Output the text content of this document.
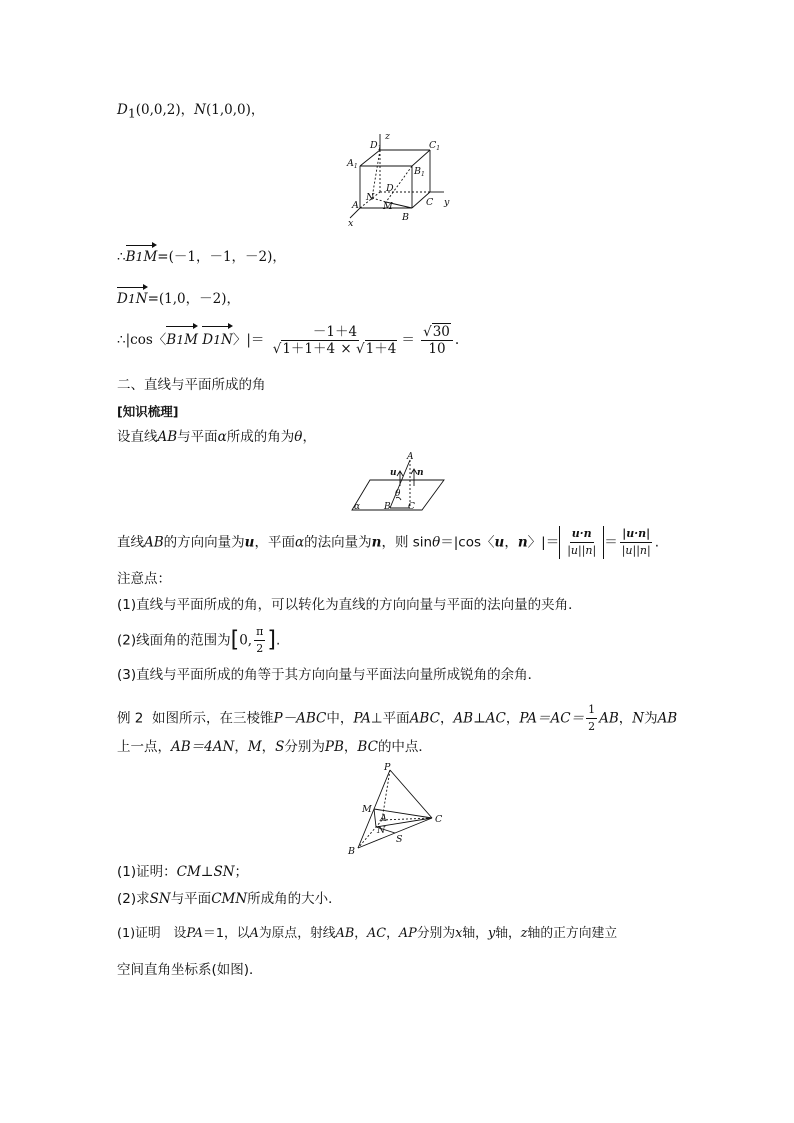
$D_1(0,0,2)$，N(1,0,0)，
$D_1$
z
$C_1$
$A_1$	$B_1$
D
N
A	M
B
C y
x
∴B1M=(－1，－1，－2)，
D1N=(1,0，－2)，
∴|cos〈B1M D1N〉|＝ $\frac{-1+4}{√1+1+4 \times √1+4} = \frac{√30}{10}$ .
二、直线与平面所成的角
[知识梳理]
设直线AB与平面α所成的角为θ，
A
u n
θ
α	B C
直线AB的方向向量为u，平面α的法向量为n，则 sinθ＝|cos〈u，n〉|＝ $\frac{u\cdot n}{|u||n|} = \frac{|u\cdot n|}{|u||n|}$ .
注意点：
(1)直线与平面所成的角，可以转化为直线的方向向量与平面的法向量的夹角．
(2)线面角的范围为[0, $\frac{\pi}{2}$ ].
(3)直线与平面所成的角等于其方向向量与平面法向量所成锐角的余角．
例 2 如图所示，在三棱锥P－ABC中，PA⊥平面ABC，AB⊥AC，$PA=AC= \frac{1}{2}$ AB，N为AB
上一点，AB＝4AN，M，S分别为PB，BC的中点．
P
M
A
N
C
S
B
(1)证明：CM⊥SN；
(2)求SN与平面CMN所成角的大小．
(1)证明　设PA＝1，以A为原点，射线AB，AC，AP分别为x轴，y轴，z轴的正方向建立
空间直角坐标系(如图)．
